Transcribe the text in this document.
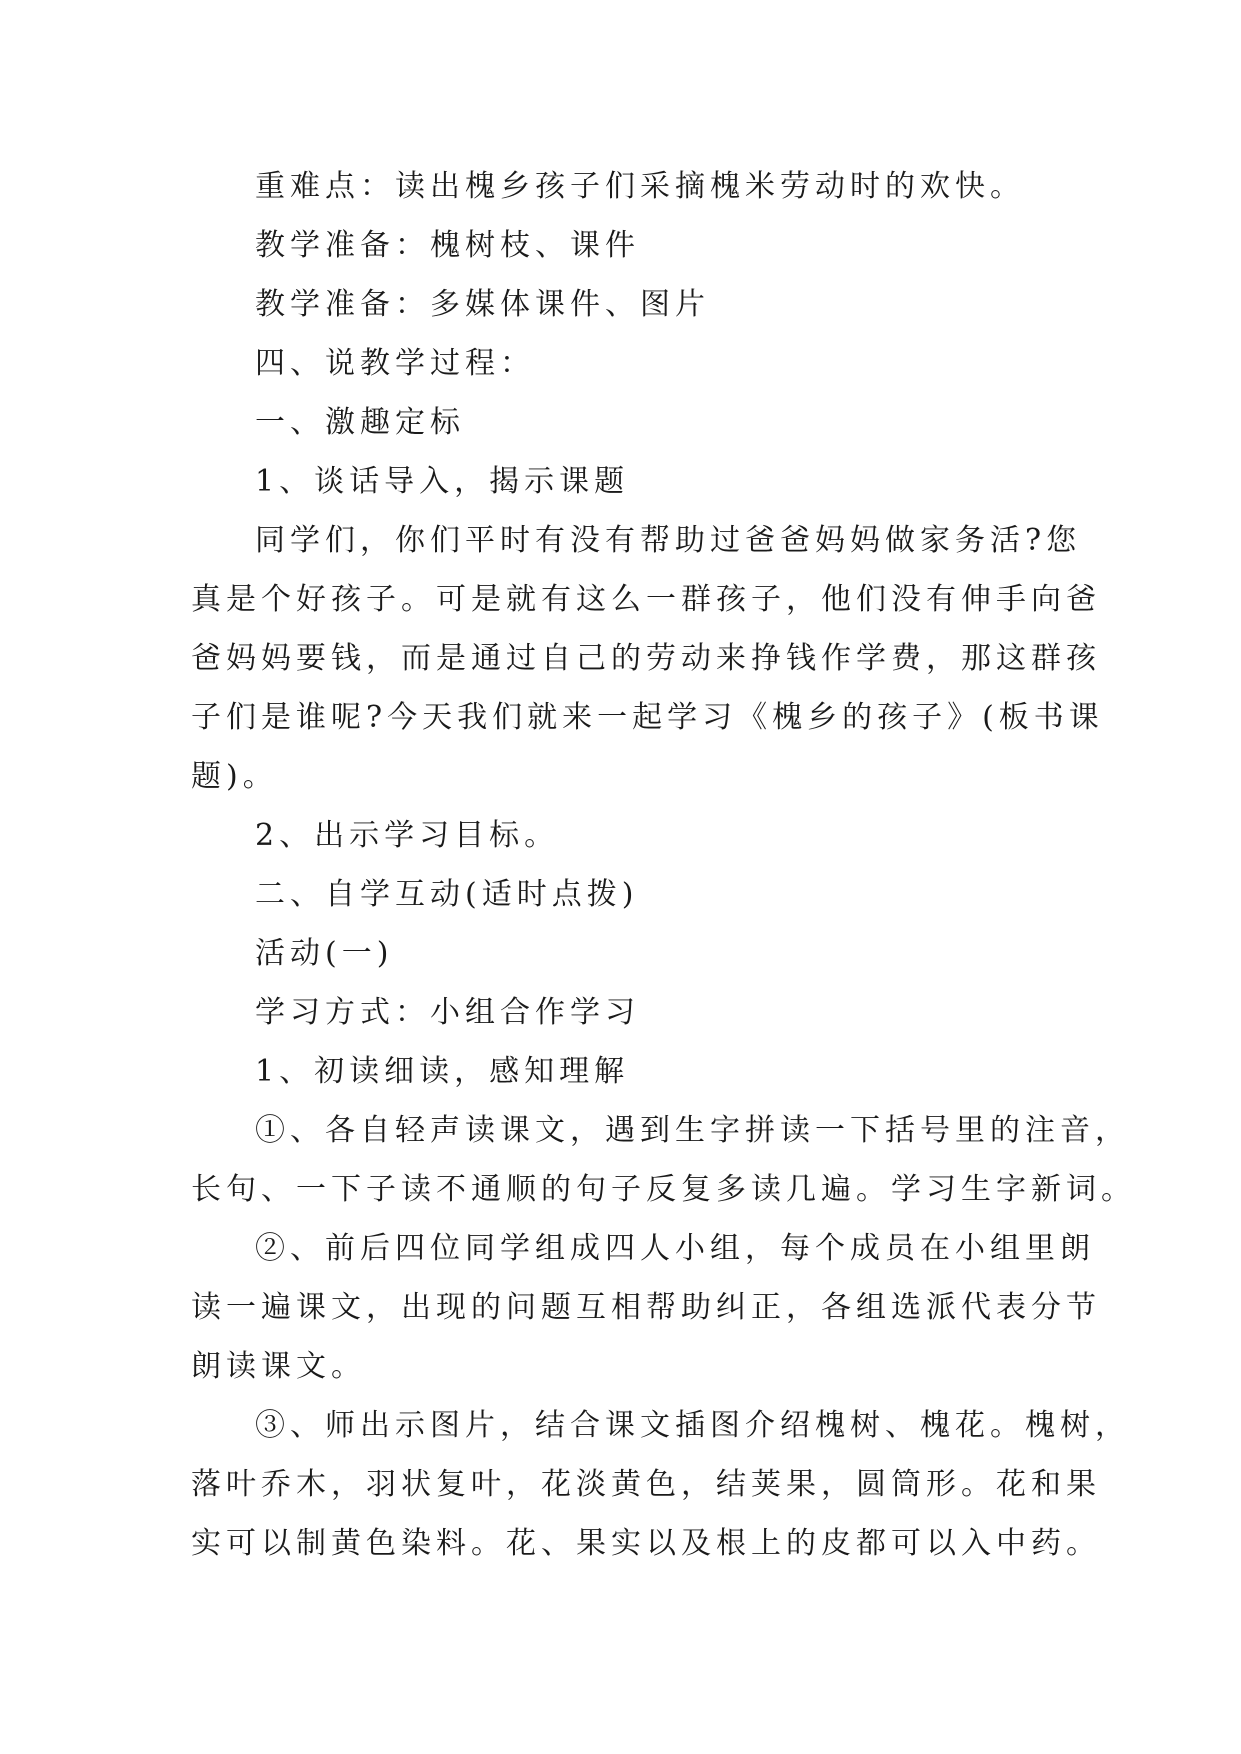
重难点：读出槐乡孩子们采摘槐米劳动时的欢快。
教学准备：槐树枝、课件
教学准备：多媒体课件、图片
四、说教学过程：
一、激趣定标
1、谈话导入，揭示课题
同学们，你们平时有没有帮助过爸爸妈妈做家务活?您
真是个好孩子。可是就有这么一群孩子，他们没有伸手向爸
爸妈妈要钱，而是通过自己的劳动来挣钱作学费，那这群孩
子们是谁呢?今天我们就来一起学习《槐乡的孩子》(板书课
题)。
2、出示学习目标。
二、自学互动(适时点拨)
活动(一)
学习方式：小组合作学习
1、初读细读，感知理解
①、各自轻声读课文，遇到生字拼读一下括号里的注音，
长句、一下子读不通顺的句子反复多读几遍。学习生字新词。
②、前后四位同学组成四人小组，每个成员在小组里朗
读一遍课文，出现的问题互相帮助纠正，各组选派代表分节
朗读课文。
③、师出示图片，结合课文插图介绍槐树、槐花。槐树，
落叶乔木，羽状复叶，花淡黄色，结荚果，圆筒形。花和果
实可以制黄色染料。花、果实以及根上的皮都可以入中药。
